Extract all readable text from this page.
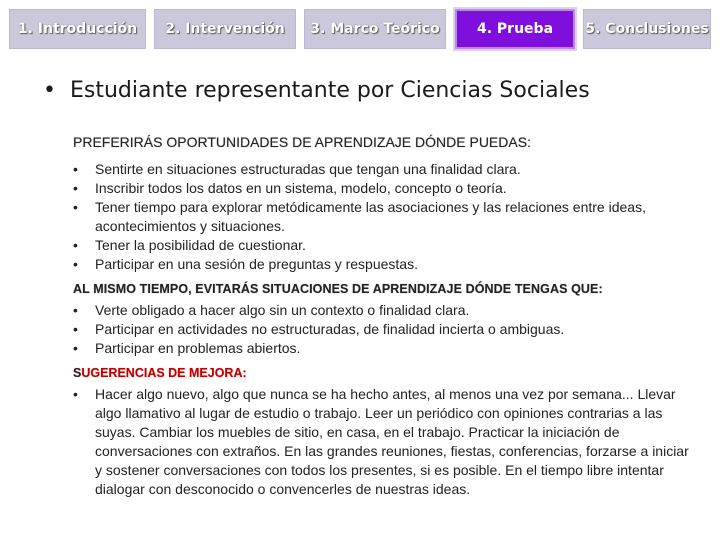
1. Introducción 2. Intervención 3. Marco Teórico	4. Prueba 5. Conclusiones
• Estudiante representante por Ciencias Sociales

PREFERIRÁS OPORTUNIDADES DE APRENDIZAJE DÓNDE PUEDAS:

•	Sentirte en situaciones estructuradas que tengan una finalidad clara.
•	Inscribir todos los datos en un sistema, modelo, concepto o teoría.
•	Tener tiempo para explorar metódicamente las asociaciones y las relaciones entre ideas, acontecimientos y situaciones.
•	Tener la posibilidad de cuestionar.
•	Participar en una sesión de preguntas y respuestas.

AL MISMO TIEMPO, EVITARÁS SITUACIONES DE APRENDIZAJE DÓNDE TENGAS QUE:

•	Verte obligado a hacer algo sin un contexto o finalidad clara.
•	Participar en actividades no estructuradas, de finalidad incierta o ambiguas.
•	Participar en problemas abiertos.

SUGERENCIAS DE MEJORA:

•	Hacer algo nuevo, algo que nunca se ha hecho antes, al menos una vez por semana... Llevar algo llamativo al lugar de estudio o trabajo. Leer un periódico con opiniones contrarias a las suyas. Cambiar los muebles de sitio, en casa, en el trabajo. Practicar la iniciación de conversaciones con extraños. En las grandes reuniones, fiestas, conferencias, forzarse a iniciar y sostener conversaciones con todos los presentes, si es posible. En el tiempo libre intentar dialogar con desconocido o convencerles de nuestras ideas.
